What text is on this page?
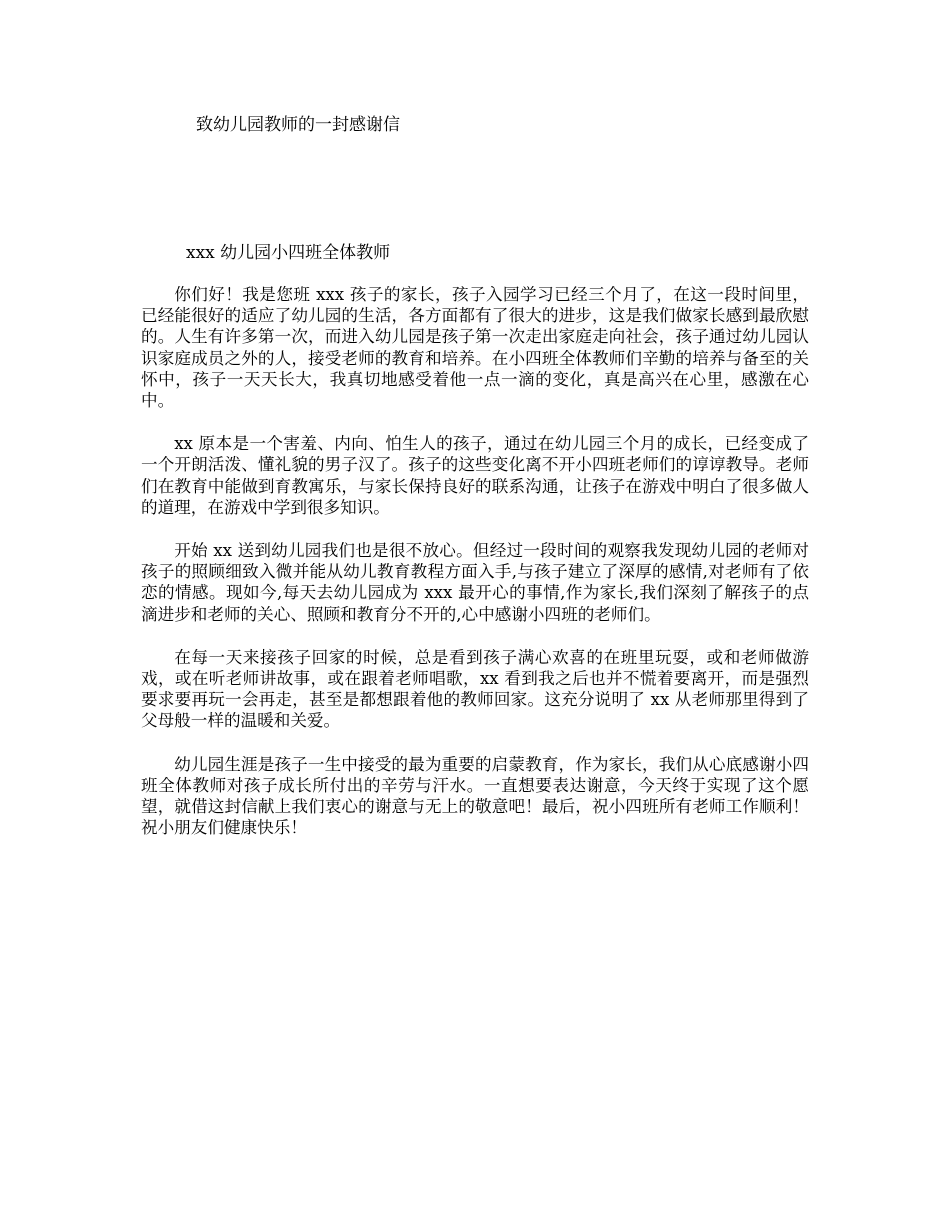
致幼儿园教师的一封感谢信

xxx 幼儿园小四班全体教师

你们好！我是您班 xxx 孩子的家长，孩子入园学习已经三个月了，在这一段时间里，已经能很好的适应了幼儿园的生活，各方面都有了很大的进步，这是我们做家长感到最欣慰的。人生有许多第一次，而进入幼儿园是孩子第一次走出家庭走向社会，孩子通过幼儿园认识家庭成员之外的人，接受老师的教育和培养。在小四班全体教师们辛勤的培养与备至的关怀中，孩子一天天长大，我真切地感受着他一点一滴的变化，真是高兴在心里，感激在心中。

xx 原本是一个害羞、内向、怕生人的孩子，通过在幼儿园三个月的成长，已经变成了一个开朗活泼、懂礼貌的男子汉了。孩子的这些变化离不开小四班老师们的谆谆教导。老师们在教育中能做到育教寓乐，与家长保持良好的联系沟通，让孩子在游戏中明白了很多做人的道理，在游戏中学到很多知识。

开始 xx 送到幼儿园我们也是很不放心。但经过一段时间的观察我发现幼儿园的老师对孩子的照顾细致入微并能从幼儿教育教程方面入手,与孩子建立了深厚的感情,对老师有了依恋的情感。现如今,每天去幼儿园成为 xxx 最开心的事情,作为家长,我们深刻了解孩子的点滴进步和老师的关心、照顾和教育分不开的,心中感谢小四班的老师们。

在每一天来接孩子回家的时候，总是看到孩子满心欢喜的在班里玩耍，或和老师做游戏，或在听老师讲故事，或在跟着老师唱歌，xx 看到我之后也并不慌着要离开，而是强烈要求要再玩一会再走，甚至是都想跟着他的教师回家。这充分说明了 xx 从老师那里得到了父母般一样的温暖和关爱。

幼儿园生涯是孩子一生中接受的最为重要的启蒙教育，作为家长，我们从心底感谢小四班全体教师对孩子成长所付出的辛劳与汗水。一直想要表达谢意，今天终于实现了这个愿望，就借这封信献上我们衷心的谢意与无上的敬意吧！最后，祝小四班所有老师工作顺利！祝小朋友们健康快乐！
